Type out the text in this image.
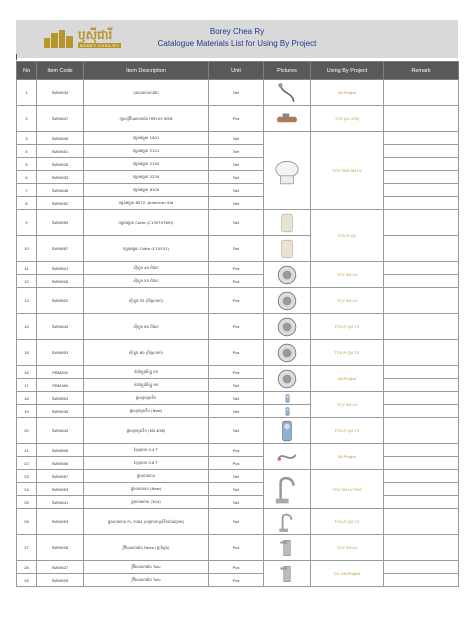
ឫស៊ីជារី
BOREY CHEA RY
Borey Chea Ry
Catalogue Materials List for Using By Project
No	Item Code	Item Description	Unit	Pictures	Using By Project	Remark
1	SWM034	ទុយោដាក់លាងដៃ	Set		All Project	
2	SWM047	ក្បាលរ៉ូប៊ីណេលាងដៃ HM105 SMD	Pcs		TCV (LV 378)	
3	SWM049	បង្គន់អង្គុយ 1001	Set		TCV SH2-SH-LV	
4	SWM051	បង្គន់អង្គុយ 2121	Set			
5	SWM028	បង្គន់អង្គុយ 2145	Set			
6	SWM033	បង្គន់អង្គុយ 2230	Set			
7	SWM048	បង្គន់អង្គុយ 8100	Set			
8	SWM052	បង្គន់អង្គុយ 8072 -American Std	Set			
9	SWM059	បង្គន់អង្គុយ Cotto (C135707WH)	Set		TCV-P-QV	
10	SWM087	បង្គន់អង្គុយ Cotto (C10531)	Set	

11	SWM001	ស៊ីហ្វុង 40 ធំដែក	Pcs		TCV SH-LV	
12	SWM028	ស៊ីហ្វុង 55 ធំដែក	Pcs			
13	SWM002	ស៊ីហ្វុង 55 (ពីរស្រទាប់)	Pcs		TCV SH-LV	
14	SWM043	ស៊ីហ្វុង 80 ធំដែក	Pcs		TCV-P-QV-TV	
15	SWM003	ស៊ីហ្វុង 80 (ពីរស្រទាប់)	Pcs		TCV-P-QV-TV	
16	PBM208	ទ័រជ័រក្លូវេនីល្អូ្អ 55	Pcs		All Project	
17	PBM188	ទ័រជ័រក្លូវេនីល្អូ្អ 90	Set			
18	SWM004	ផ្កាឈូកងូតទឹក	Set		TCV SH-LV	
19	SWM035	ផ្កាឈូកងូតទឹក (New)	Set	

20	SWM043	ផ្កាឈូកងូតទឹក (M5-838)	Set		TCV-P-QV-TV	
21	SWM005	ខ្សែទុយោ 0.4 T	Pcs		All Project	
22	SWM006	ខ្សែទុយោ 0.6 T	Pcs			
23	SWM057	ផ្លុងលាងចាន	Set		TCV SH-LV SH2	
24	SWM053	ផ្លុងលាងចាន (New)	Set			
25	SWM041	ផ្លុងលាងចាន (304)	Set			
26	SWM053	ផ្លុងលាងចាន FL-7081 (សម្រាប់បន្ទប់ទឹកជាន់ក្រោម)	Set		TCV-P-QV-TV	
27	SWM026	រ៉ូប៊ីណេលាងដៃ Faleo (ផ្ទះល្វែង)	Pcs		TCV SH-LV	
28	SWM027	រ៉ូប៊ីណេលាងដៃ Tulu	Pcs		CC Old Project	
29	SWM029	រ៉ូប៊ីណេលាងដៃ Tulu	Pcs			
